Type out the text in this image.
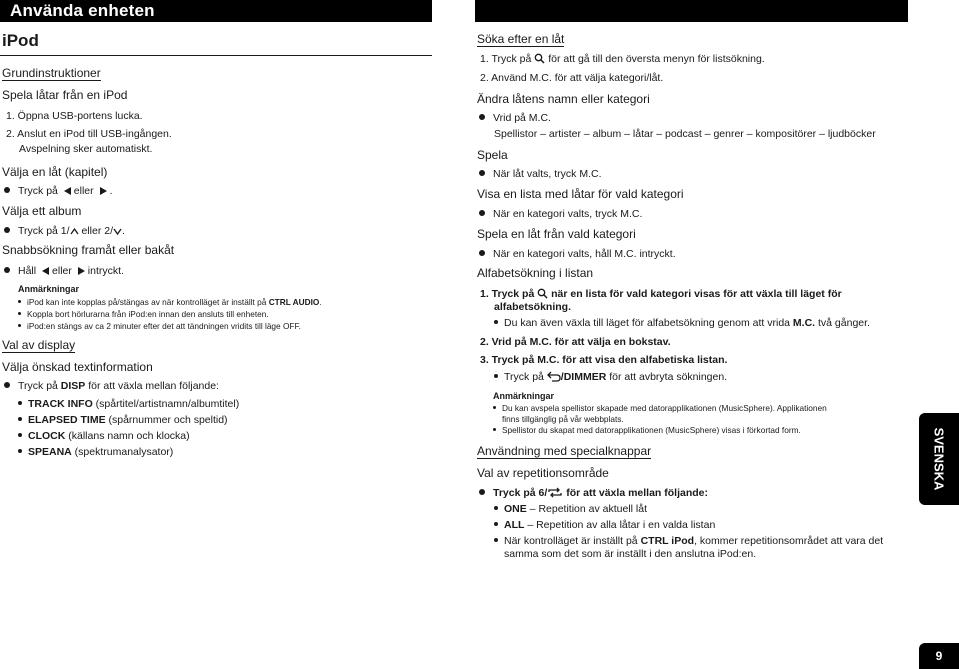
Använda enheten
iPod
Grundinstruktioner
Spela låtar från en iPod
1. Öppna USB-portens lucka.
2. Anslut en iPod till USB-ingången.
Avspelning sker automatiskt.
Välja en låt (kapitel)
Tryck på eller .
Välja ett album
Tryck på 1/ eller 2/ .
Snabbsökning framåt eller bakåt
Håll eller intryckt.
Anmärkningar
iPod kan inte kopplas på/stängas av när kontrolläget är inställt på CTRL AUDIO.
Koppla bort hörlurarna från iPod:en innan den ansluts till enheten.
iPod:en stängs av ca 2 minuter efter det att tändningen vridits till läge OFF.
Val av display
Välja önskad textinformation
Tryck på DISP för att växla mellan följande:
TRACK INFO (spårtitel/artistnamn/albumtitel)
ELAPSED TIME (spårnummer och speltid)
CLOCK (källans namn och klocka)
SPEANA (spektrumanalysator)
Söka efter en låt
1. Tryck på  för att gå till den översta menyn för listsökning.
2. Använd M.C. för att välja kategori/låt.
Ändra låtens namn eller kategori
Vrid på M.C.
Spellistor – artister – album – låtar – podcast – genrer – kompositörer – ljudböcker
Spela
När låt valts, tryck M.C.
Visa en lista med låtar för vald kategori
När en kategori valts, tryck M.C.
Spela en låt från vald kategori
När en kategori valts, håll M.C. intryckt.
Alfabetsökning i listan
1. Tryck på  när en lista för vald kategori visas för att växla till läget för
alfabetsökning.
Du kan även växla till läget för alfabetsökning genom att vrida M.C. två gånger.
2. Vrid på M.C. för att välja en bokstav.
3. Tryck på M.C. för att visa den alfabetiska listan.
Tryck på /DIMMER för att avbryta sökningen.
Anmärkningar
Du kan avspela spellistor skapade med datorapplikationen (MusicSphere). Applikationen
finns tillgänglig på vår webbplats.
Spellistor du skapat med datorapplikationen (MusicSphere) visas i förkortad form.
Användning med specialknappar
Val av repetitionsområde
Tryck på 6/ för att växla mellan följande:
ONE – Repetition av aktuell låt
ALL – Repetition av alla låtar i en valda listan
När kontrolläget är inställt på CTRL iPod, kommer repetitionsområdet att vara det
samma som det som är inställt i den anslutna iPod:en.
SVENSKA
9
